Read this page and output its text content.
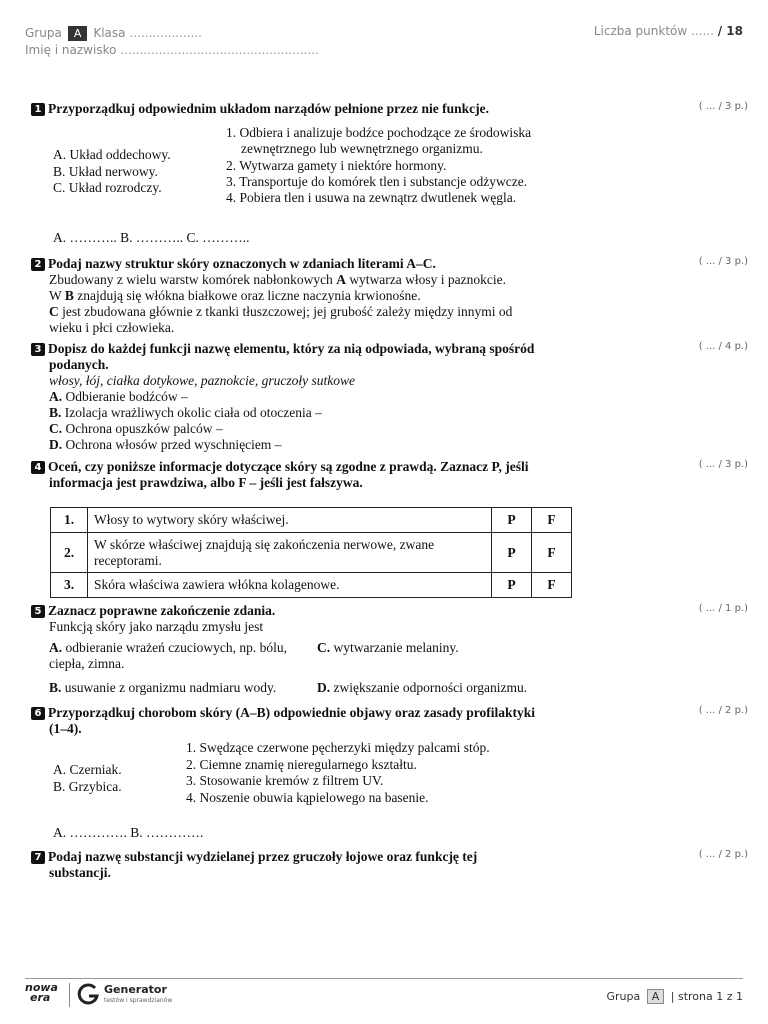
Grupa	A	Klasa ...................
Imię i nazwisko ....................................................
Liczba punktów ...... / 18
1 Przyporządkuj odpowiednim układom narządów pełnione przez nie funkcje.	( ... / 3 p.)
A. Układ oddechowy.
B. Układ nerwowy.
C. Układ rozrodczy.
1. Odbiera i analizuje bodźce pochodzące ze środowiska
zewnętrznego lub wewnętrznego organizmu.
2. Wytwarza gamety i niektóre hormony.
3. Transportuje do komórek tlen i substancje odżywcze.
4. Pobiera tlen i usuwa na zewnątrz dwutlenek węgla.
A. ……….. B. ……….. C. ………..
2 Podaj nazwy struktur skóry oznaczonych w zdaniach literami A–C.
Zbudowany z wielu warstw komórek nabłonkowych A wytwarza włosy i paznokcie.
W B znajdują się włókna białkowe oraz liczne naczynia krwionośne.
C jest zbudowana głównie z tkanki tłuszczowej; jej grubość zależy między innymi od
wieku i płci człowieka.
( ... / 3 p.)
3 Dopisz do każdej funkcji nazwę elementu, który za nią odpowiada, wybraną spośród
podanych.
włosy, łój, ciałka dotykowe, paznokcie, gruczoły sutkowe
A. Odbieranie bodźców –
B. Izolacja wrażliwych okolic ciała od otoczenia –
C. Ochrona opuszków palców –
D. Ochrona włosów przed wyschnięciem –
( ... / 4 p.)
4 Oceń, czy poniższe informacje dotyczące skóry są zgodne z prawdą. Zaznacz P, jeśli
informacja jest prawdziwa, albo F – jeśli jest fałszywa.
( ... / 3 p.)
1.	Włosy to wytwory skóry właściwej.	P	F
2.	W skórze właściwej znajdują się zakończenia nerwowe, zwane receptorami.	P	F
3.	Skóra właściwa zawiera włókna kolagenowe.	P	F
5 Zaznacz poprawne zakończenie zdania.
Funkcją skóry jako narządu zmysłu jest
( ... / 1 p.)
A. odbieranie wrażeń czuciowych, np. bólu,
ciepła, zimna.
C. wytwarzanie melaniny.
B. usuwanie z organizmu nadmiaru wody.	D. zwiększanie odporności organizmu.
6 Przyporządkuj chorobom skóry (A–B) odpowiednie objawy oraz zasady profilaktyki
(1–4).
( ... / 2 p.)
A. Czerniak.
B. Grzybica.
1. Swędzące czerwone pęcherzyki między palcami stóp.
2. Ciemne znamię nieregularnego kształtu.
3. Stosowanie kremów z filtrem UV.
4. Noszenie obuwia kąpielowego na basenie.
A. …………. B. ………….
7 Podaj nazwę substancji wydzielanej przez gruczoły łojowe oraz funkcję tej
substancji.
( ... / 2 p.)
nowa
era
Generator
testów i sprawdzianów	Grupa A | strona 1 z 1
